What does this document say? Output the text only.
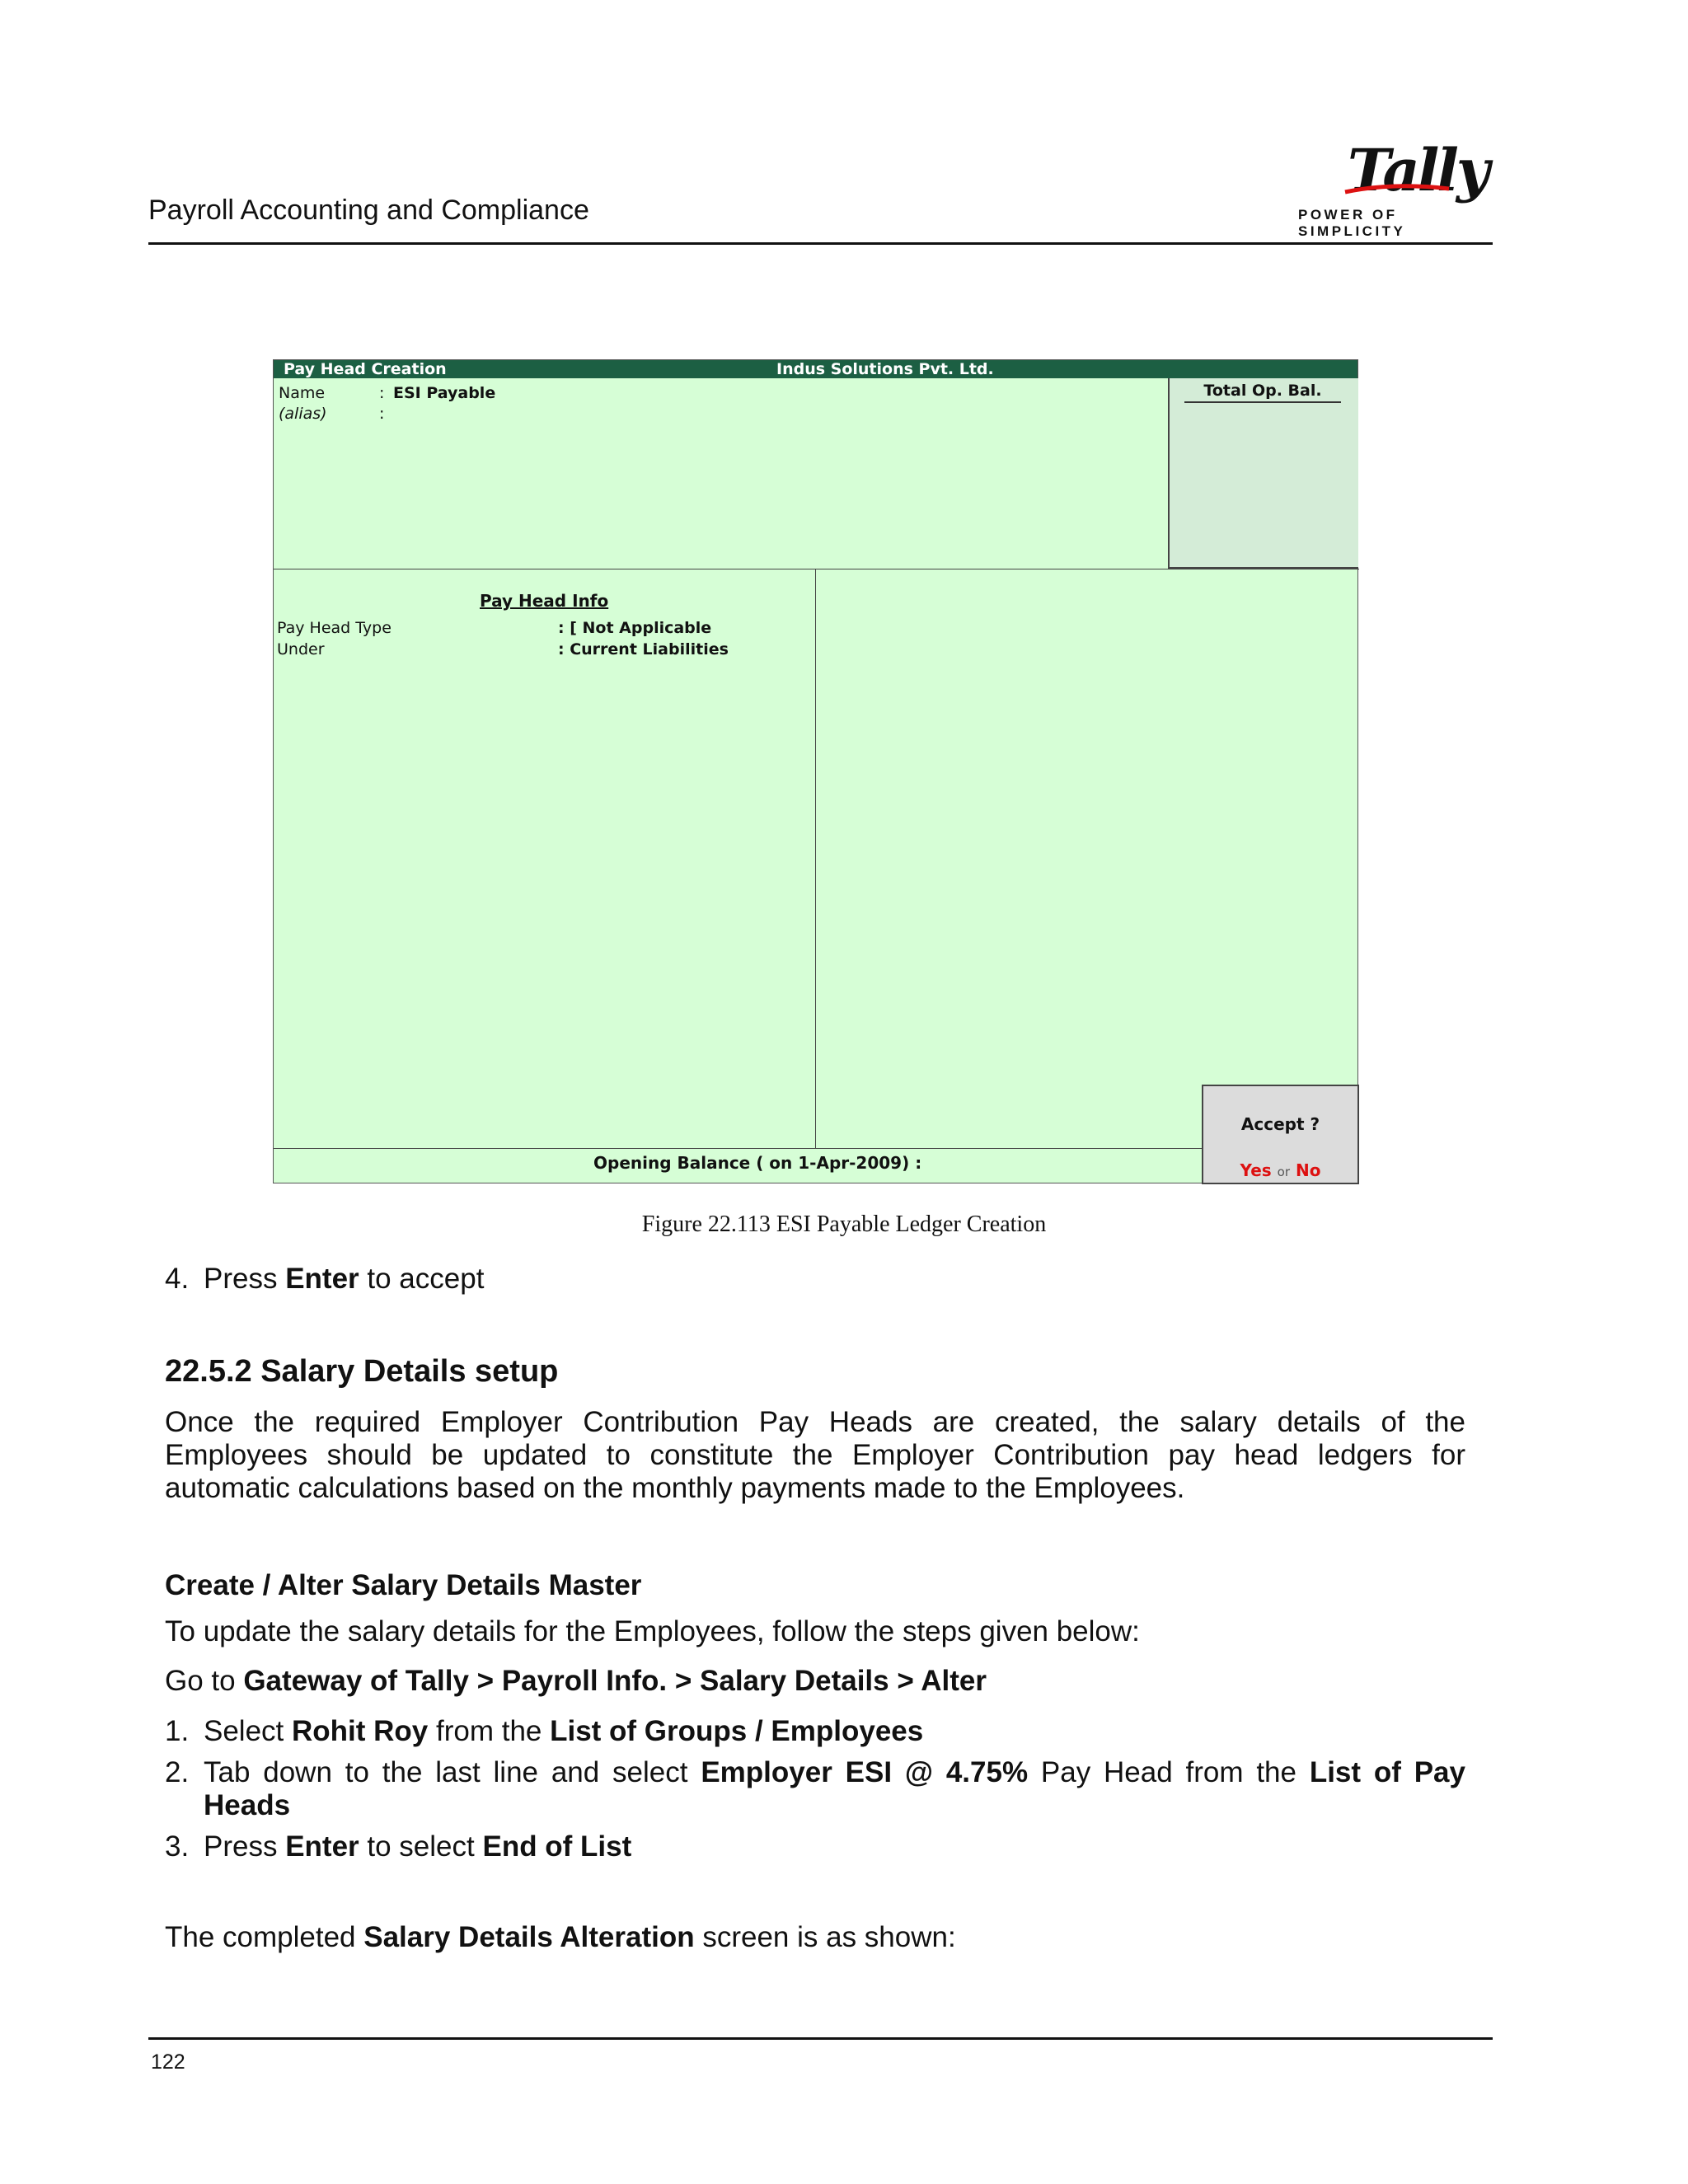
Payroll Accounting and Compliance
Tally
POWER OF SIMPLICITY
Pay Head Creation	Indus Solutions Pvt. Ltd.
Name	: ESI Payable
(alias)	:
Total Op. Bal.
Pay Head Info
Pay Head Type	: [ Not Applicable
Under	: Current Liabilities
Opening Balance ( on 1-Apr-2009) :
Accept ?
Yes or No
Figure 22.113 ESI Payable Ledger Creation
4. Press Enter to accept
22.5.2 Salary Details setup
Once the required Employer Contribution Pay Heads are created, the salary details of the
Employees should be updated to constitute the Employer Contribution pay head ledgers for
automatic calculations based on the monthly payments made to the Employees.
Create / Alter Salary Details Master
To update the salary details for the Employees, follow the steps given below:
Go to Gateway of Tally > Payroll Info. > Salary Details > Alter
1. Select Rohit Roy from the List of Groups / Employees
2. Tab down to the last line and select Employer ESI @ 4.75% Pay Head from the List of Pay
Heads
3. Press Enter to select End of List
The completed Salary Details Alteration screen is as shown:
122
